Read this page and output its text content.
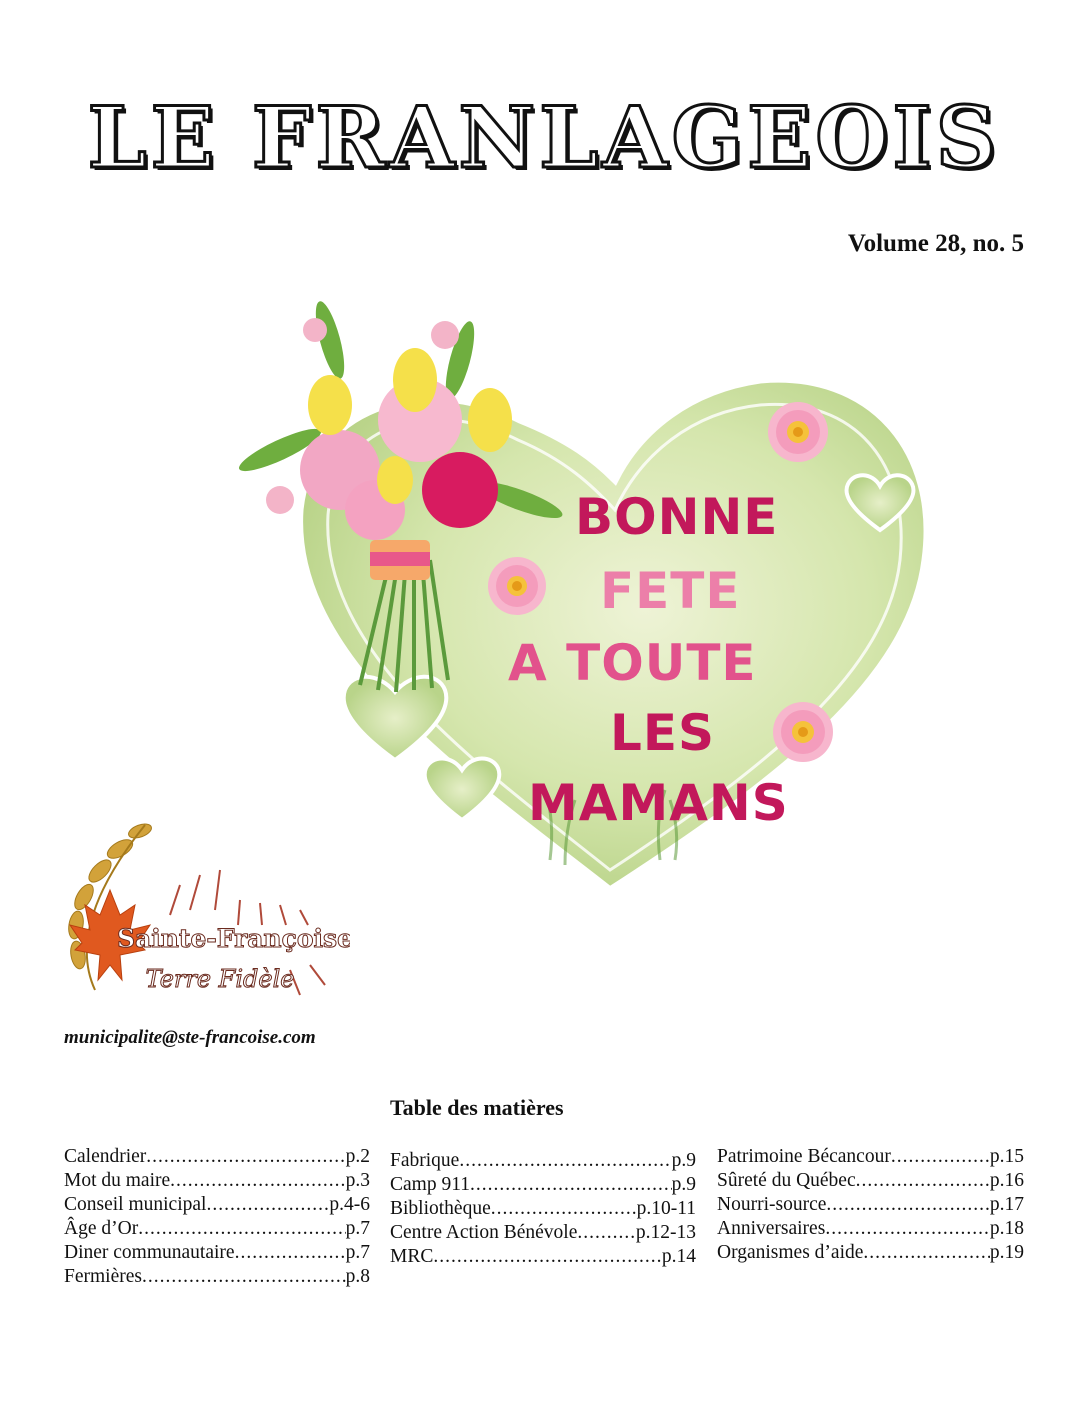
LE FRANLAGEOIS
Volume 28, no. 5
BONNE
FETE
A TOUTE
LES
MAMANS
Sainte-Françoise
Terre Fidèle
municipalite@ste-francoise.com
Table des matières
Calendrier .....	p.2
Mot du maire .....	p.3
Conseil municipal .....	p.4-6
Âge d’Or .....	p.7
Diner communautaire .....	p.7
Fermières .....	p.8
Fabrique .....	p.9
Camp 911 .....	p.9
Bibliothèque .....	p.10-11
Centre Action Bénévole .....	p.12-13
MRC .....	p.14
Patrimoine Bécancour .....	p.15
Sûreté du Québec .....	p.16
Nourri-source .....	p.17
Anniversaires .....	p.18
Organismes d’aide .....	p.19
